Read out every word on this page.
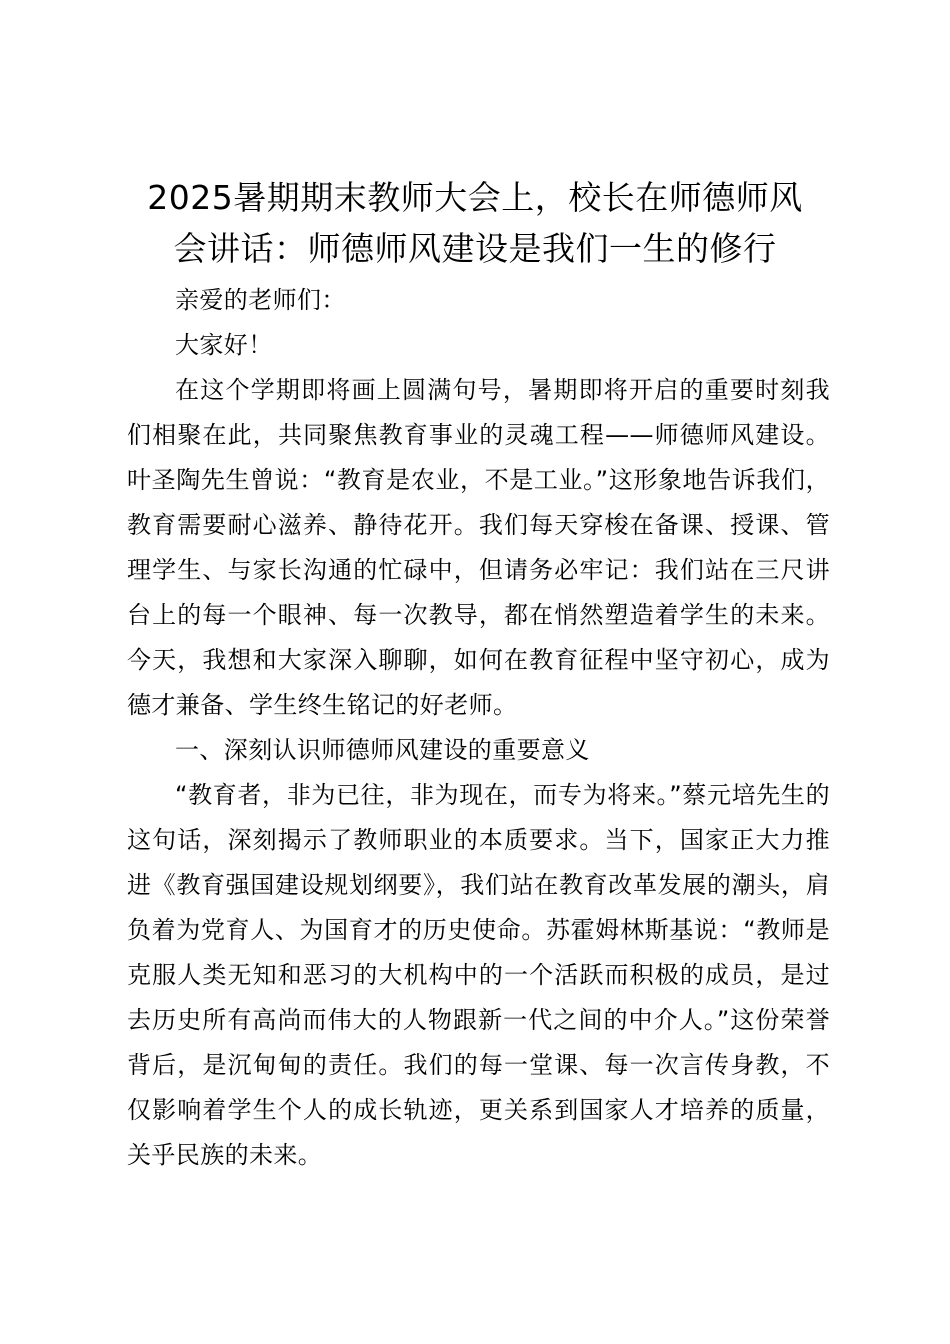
2025暑期期末教师大会上，校长在师德师风
会讲话：师德师风建设是我们一生的修行

亲爱的老师们：

大家好！

在这个学期即将画上圆满句号，暑期即将开启的重要时刻我们相聚在此，共同聚焦教育事业的灵魂工程——师德师风建设。叶圣陶先生曾说：“教育是农业，不是工业。”这形象地告诉我们，教育需要耐心滋养、静待花开。我们每天穿梭在备课、授课、管理学生、与家长沟通的忙碌中，但请务必牢记：我们站在三尺讲台上的每一个眼神、每一次教导，都在悄然塑造着学生的未来。今天，我想和大家深入聊聊，如何在教育征程中坚守初心，成为德才兼备、学生终生铭记的好老师。

一、深刻认识师德师风建设的重要意义

“教育者，非为已往，非为现在，而专为将来。”蔡元培先生的这句话，深刻揭示了教师职业的本质要求。当下，国家正大力推进《教育强国建设规划纲要》，我们站在教育改革发展的潮头，肩负着为党育人、为国育才的历史使命。苏霍姆林斯基说：“教师是克服人类无知和恶习的大机构中的一个活跃而积极的成员，是过去历史所有高尚而伟大的人物跟新一代之间的中介人。”这份荣誉背后，是沉甸甸的责任。我们的每一堂课、每一次言传身教，不仅影响着学生个人的成长轨迹，更关系到国家人才培养的质量，关乎民族的未来。
